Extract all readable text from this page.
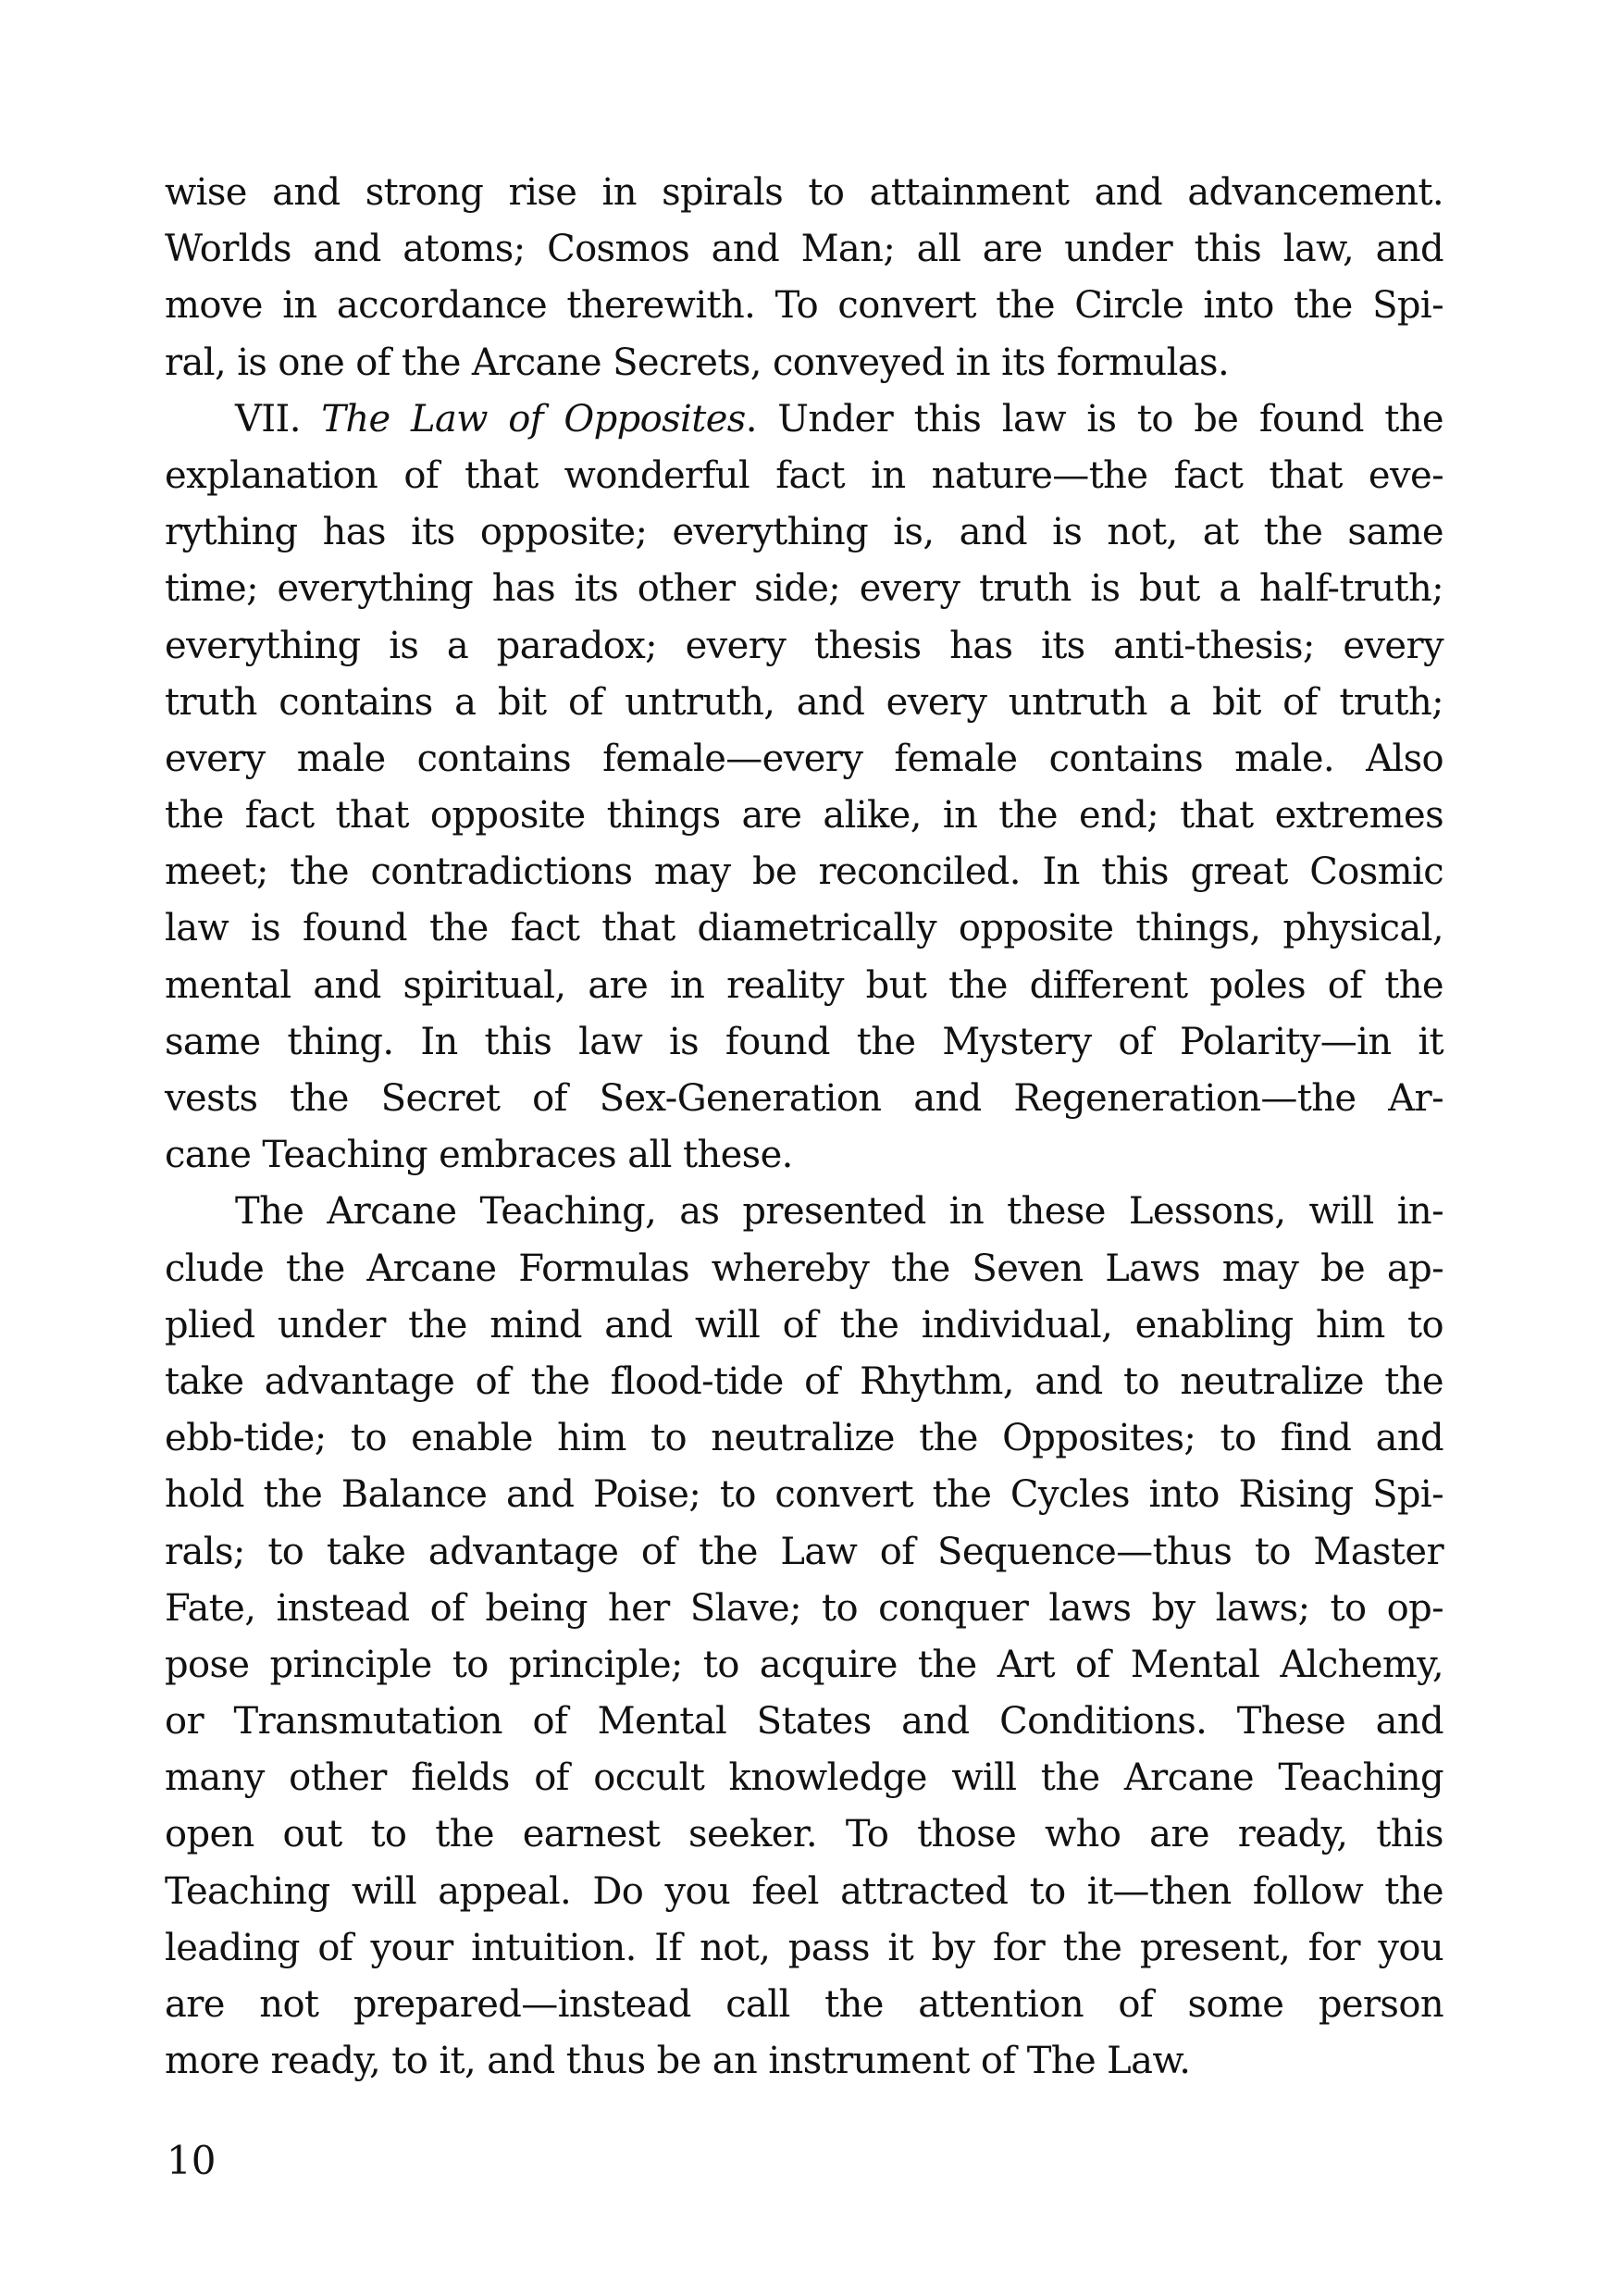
wise and strong rise in spirals to attainment and advancement.
Worlds and atoms; Cosmos and Man; all are under this law, and
move in accordance therewith. To convert the Circle into the Spi-
ral, is one of the Arcane Secrets, conveyed in its formulas.
VII. The Law of Opposites. Under this law is to be found the
explanation of that wonderful fact in nature—the fact that eve-
rything has its opposite; everything is, and is not, at the same
time; everything has its other side; every truth is but a half-truth;
everything is a paradox; every thesis has its anti-thesis; every
truth contains a bit of untruth, and every untruth a bit of truth;
every male contains female—every female contains male. Also
the fact that opposite things are alike, in the end; that extremes
meet; the contradictions may be reconciled. In this great Cosmic
law is found the fact that diametrically opposite things, physical,
mental and spiritual, are in reality but the different poles of the
same thing. In this law is found the Mystery of Polarity—in it
vests the Secret of Sex-Generation and Regeneration—the Ar-
cane Teaching embraces all these.
The Arcane Teaching, as presented in these Lessons, will in-
clude the Arcane Formulas whereby the Seven Laws may be ap-
plied under the mind and will of the individual, enabling him to
take advantage of the flood-tide of Rhythm, and to neutralize the
ebb-tide; to enable him to neutralize the Opposites; to find and
hold the Balance and Poise; to convert the Cycles into Rising Spi-
rals; to take advantage of the Law of Sequence—thus to Master
Fate, instead of being her Slave; to conquer laws by laws; to op-
pose principle to principle; to acquire the Art of Mental Alchemy,
or Transmutation of Mental States and Conditions. These and
many other fields of occult knowledge will the Arcane Teaching
open out to the earnest seeker. To those who are ready, this
Teaching will appeal. Do you feel attracted to it—then follow the
leading of your intuition. If not, pass it by for the present, for you
are not prepared—instead call the attention of some person
more ready, to it, and thus be an instrument of The Law.
10
